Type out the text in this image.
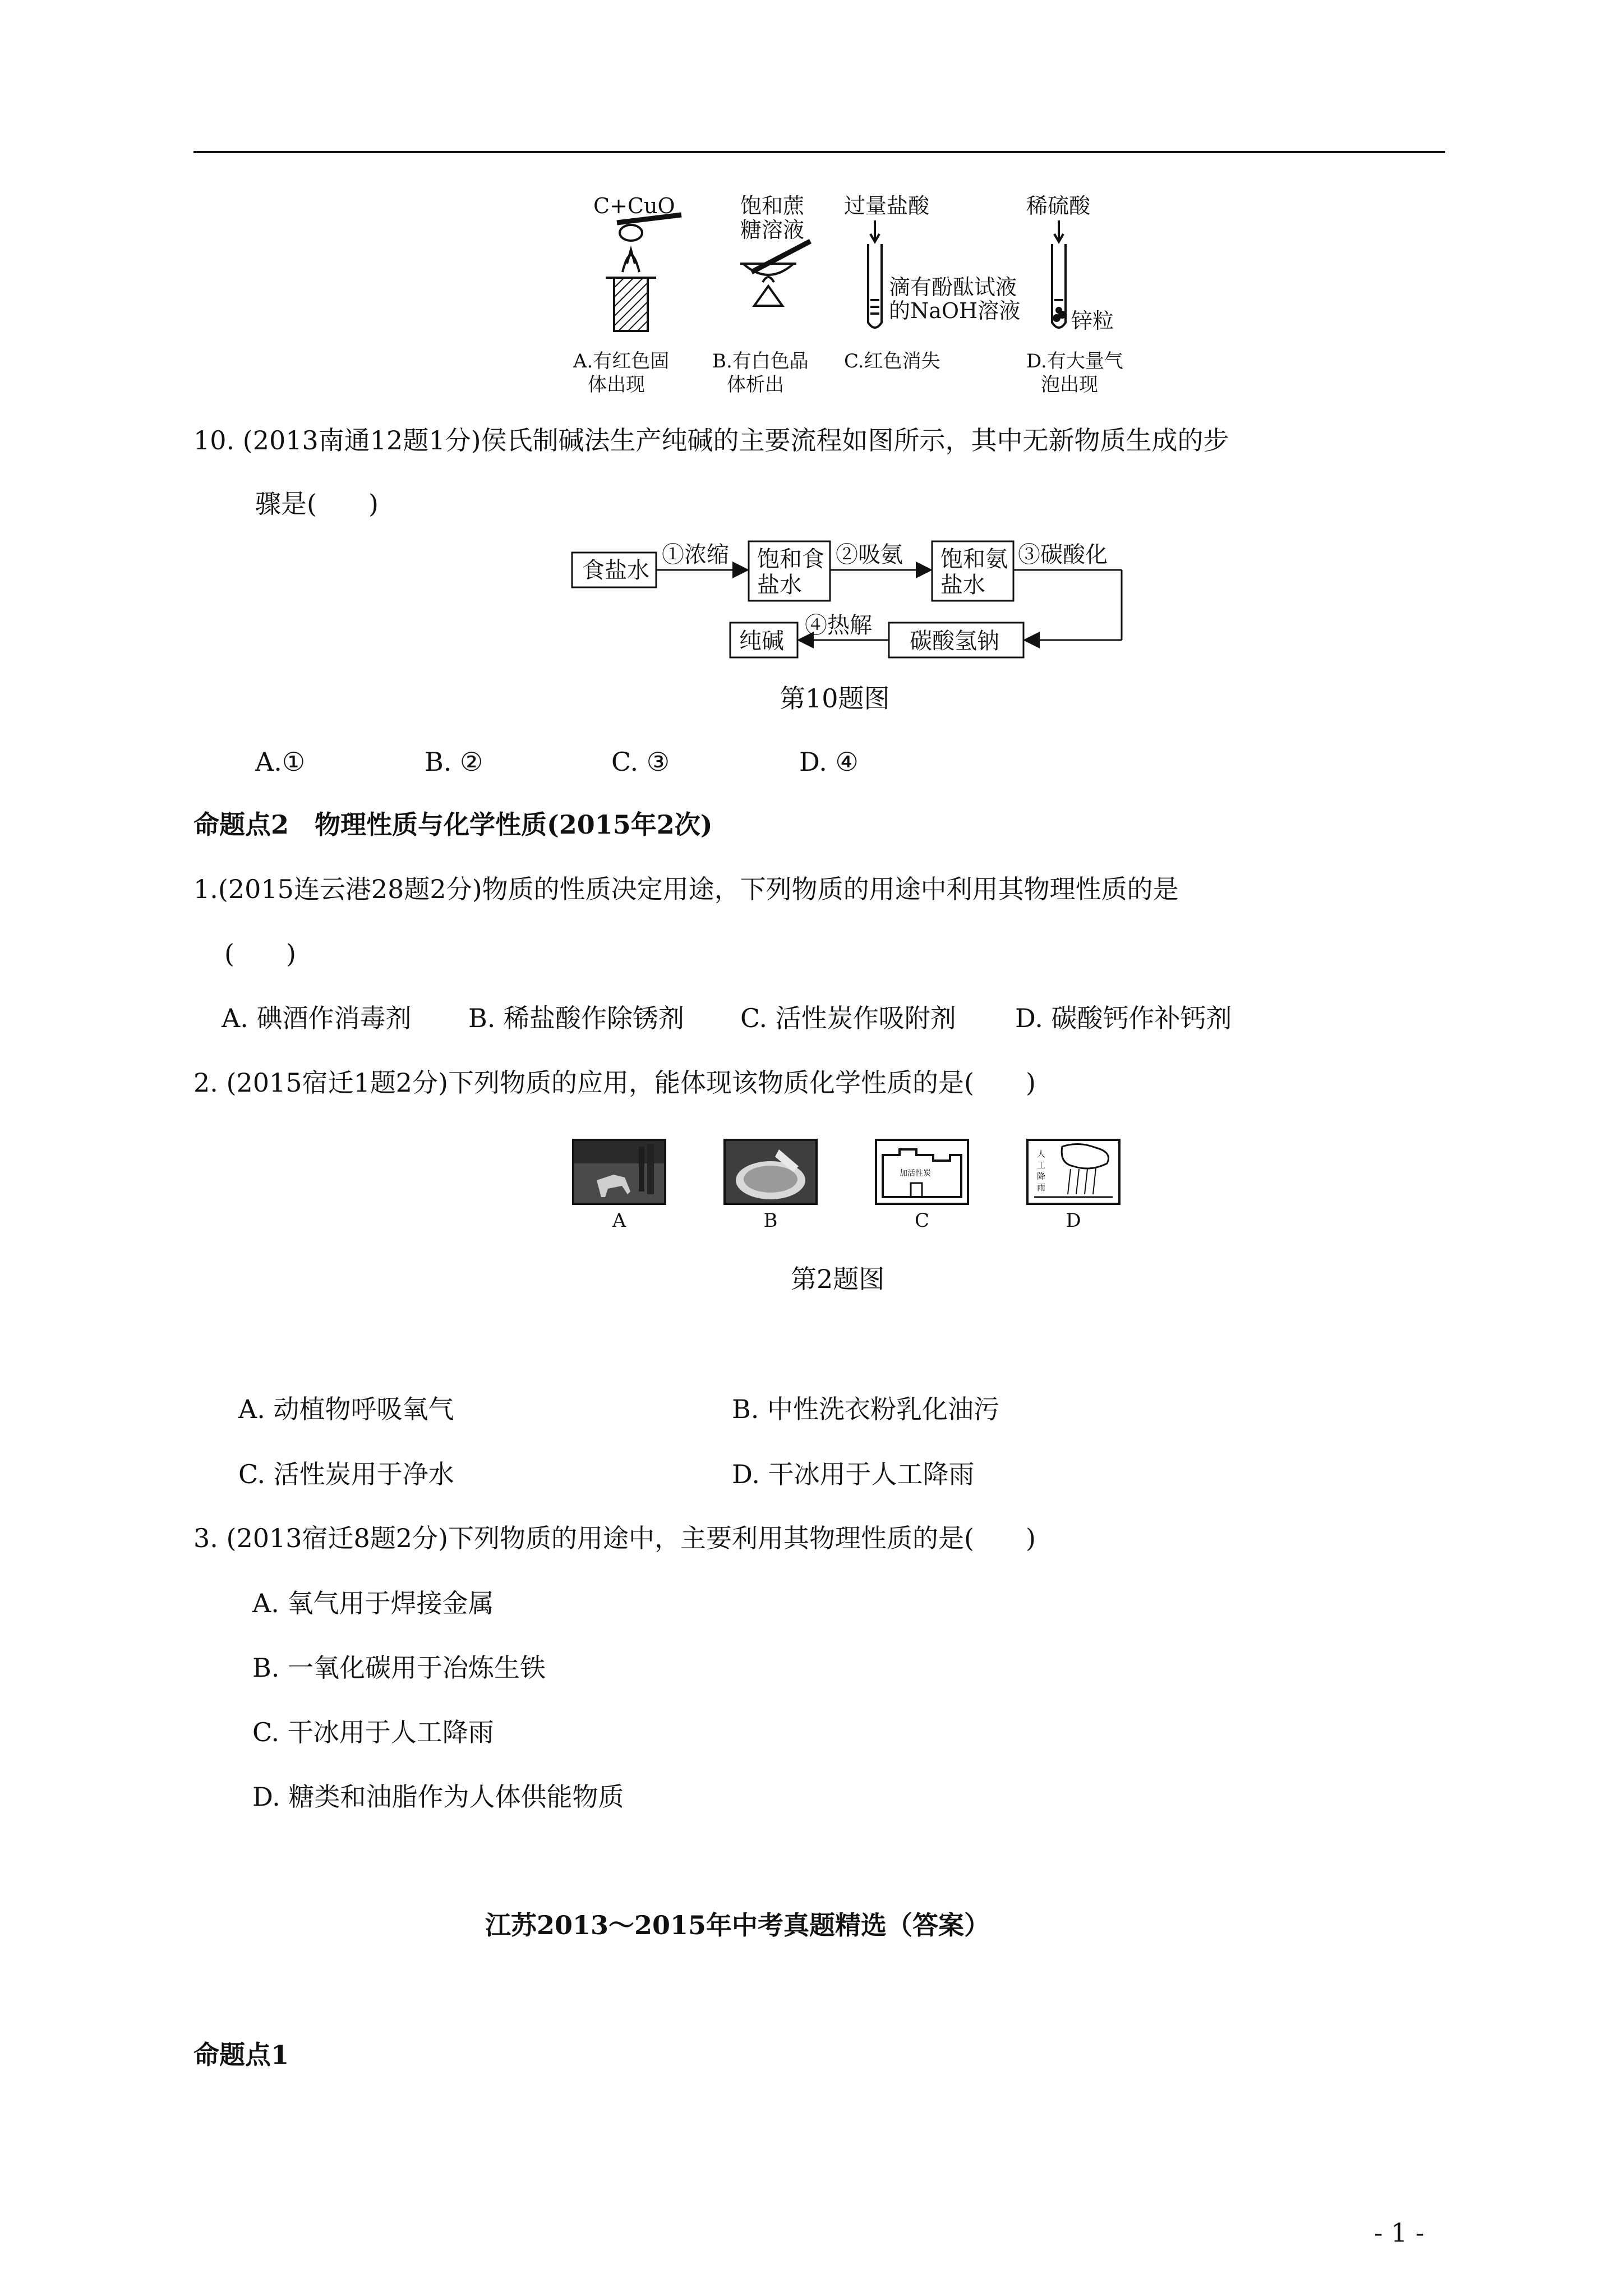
C+CuO	饱和蔗
糖溶液
过量盐酸
滴有酚酞试液
的NaOH溶液
稀硫酸
锌粒
A.有红色固
体出现
B.有白色晶
体析出
C.红色消失	D.有大量气
泡出现
10. (2013南通12题1分)侯氏制碱法生产纯碱的主要流程如图所示，其中无新物质生成的步
骤是(　　)
食盐水
①浓缩 饱和食
盐水
②吸氨 饱和氨
盐水
③碳酸化
碳酸氢钠
④热解
纯碱
第10题图
A.①	B. ②	C. ③	D. ④
命题点2　物理性质与化学性质(2015年2次)
1.(2015连云港28题2分)物质的性质决定用途，下列物质的用途中利用其物理性质的是
(　　)
A. 碘酒作消毒剂 B. 稀盐酸作除锈剂 C. 活性炭作吸附剂 D. 碳酸钙作补钙剂
2. (2015宿迁1题2分)下列物质的应用，能体现该物质化学性质的是(　　)
加活性炭
人
工
降
雨
A	B	C	D
第2题图
A. 动植物呼吸氧气	B. 中性洗衣粉乳化油污
C. 活性炭用于净水	D. 干冰用于人工降雨
3. (2013宿迁8题2分)下列物质的用途中，主要利用其物理性质的是(　　)
A. 氧气用于焊接金属
B. 一氧化碳用于冶炼生铁
C. 干冰用于人工降雨
D. 糖类和油脂作为人体供能物质
江苏2013～2015年中考真题精选（答案）
命题点1
- 1 -
